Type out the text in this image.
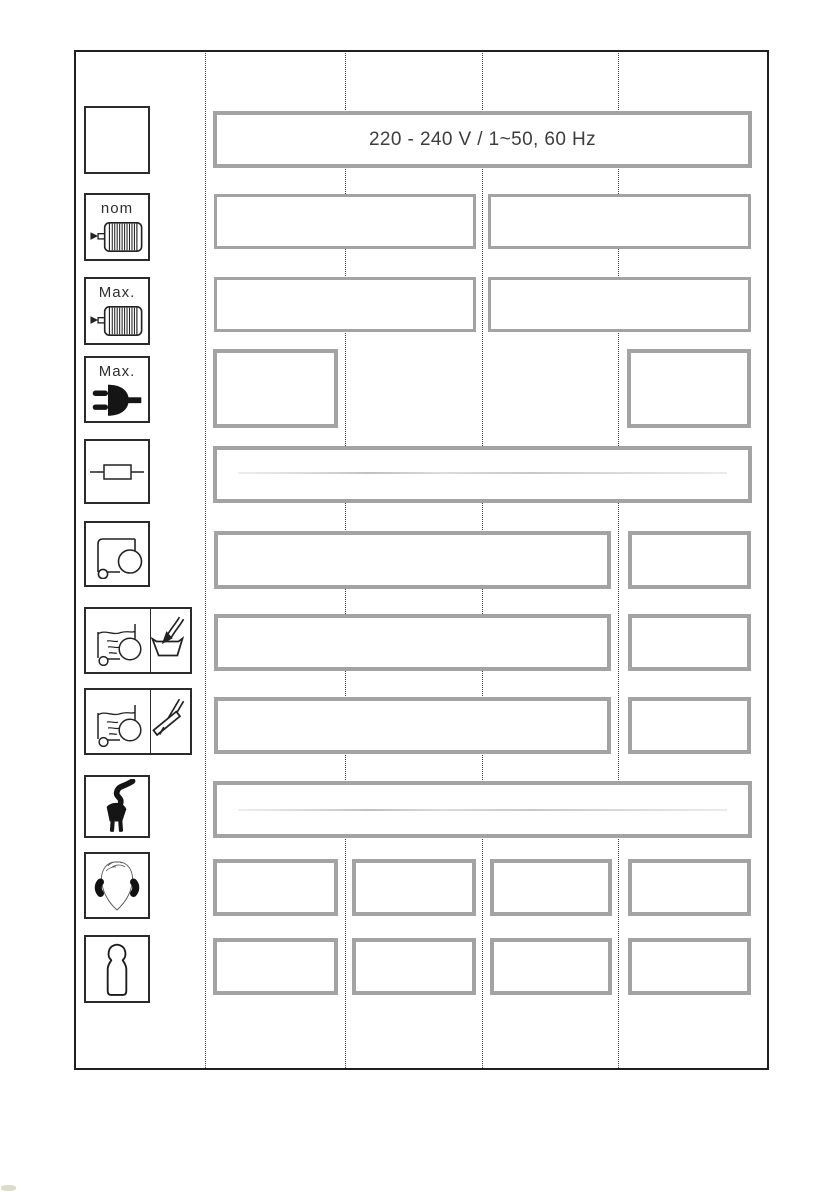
220 - 240 V / 1~50, 60 Hz
nom
Max.
Max.
